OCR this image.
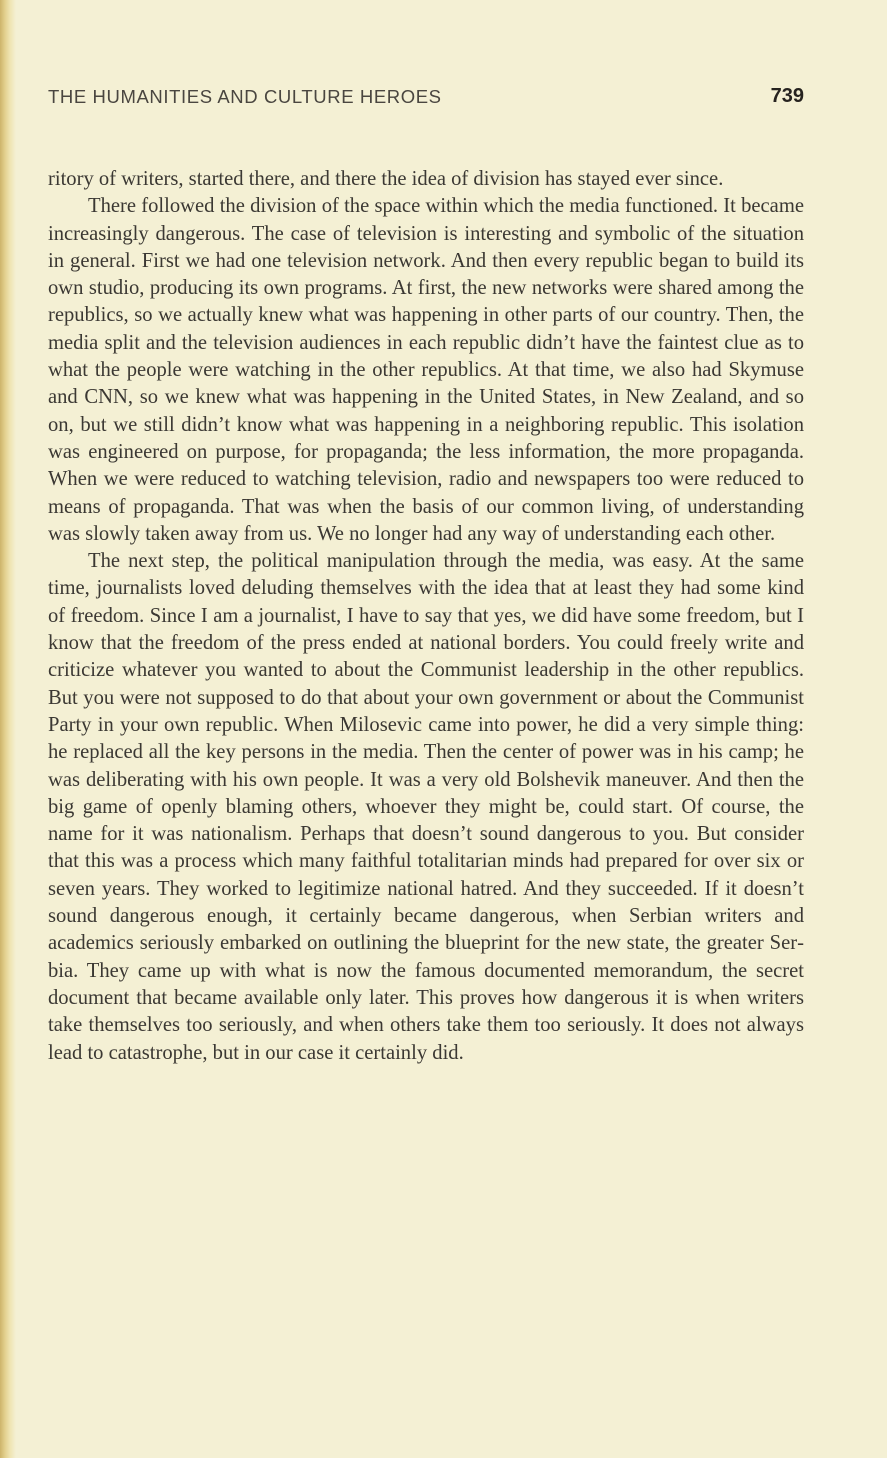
THE HUMANITIES AND CULTURE HEROES	739

ritory of writers, started there, and there the idea of division has stayed ever since.

There followed the division of the space within which the media functioned. It became increasingly dangerous. The case of television is interesting and symbolic of the situation in general. First we had one television network. And then every republic began to build its own studio, producing its own programs. At first, the new networks were shared among the republics, so we actually knew what was happening in other parts of our country. Then, the media split and the television audiences in each republic didn’t have the faintest clue as to what the people were watching in the other republics. At that time, we also had Skymuse and CNN, so we knew what was happening in the United States, in New Zealand, and so on, but we still didn’t know what was happening in a neighboring republic. This isolation was engineered on purpose, for propaganda; the less information, the more propaganda. When we were reduced to watching television, radio and newspapers too were reduced to means of propaganda. That was when the basis of our common living, of understanding was slowly taken away from us. We no longer had any way of understanding each other.

The next step, the political manipulation through the media, was easy. At the same time, journalists loved deluding themselves with the idea that at least they had some kind of freedom. Since I am a journalist, I have to say that yes, we did have some freedom, but I know that the freedom of the press ended at national borders. You could freely write and criticize whatever you wanted to about the Communist leadership in the other republics. But you were not supposed to do that about your own government or about the Communist Party in your own republic. When Milosevic came into power, he did a very simple thing: he replaced all the key persons in the media. Then the center of power was in his camp; he was deliberating with his own people. It was a very old Bolshevik maneuver. And then the big game of openly blaming others, whoever they might be, could start. Of course, the name for it was nationalism. Perhaps that doesn’t sound dangerous to you. But consider that this was a process which many faithful totalitarian minds had prepared for over six or seven years. They worked to legitimize national hatred. And they succeeded. If it doesn’t sound dangerous enough, it certainly became dangerous, when Serbian writers and academics seriously embarked on outlining the blueprint for the new state, the greater Serbia. They came up with what is now the famous documented memorandum, the secret document that became available only later. This proves how dangerous it is when writers take themselves too seriously, and when others take them too seriously. It does not always lead to catastrophe, but in our case it certainly did.
